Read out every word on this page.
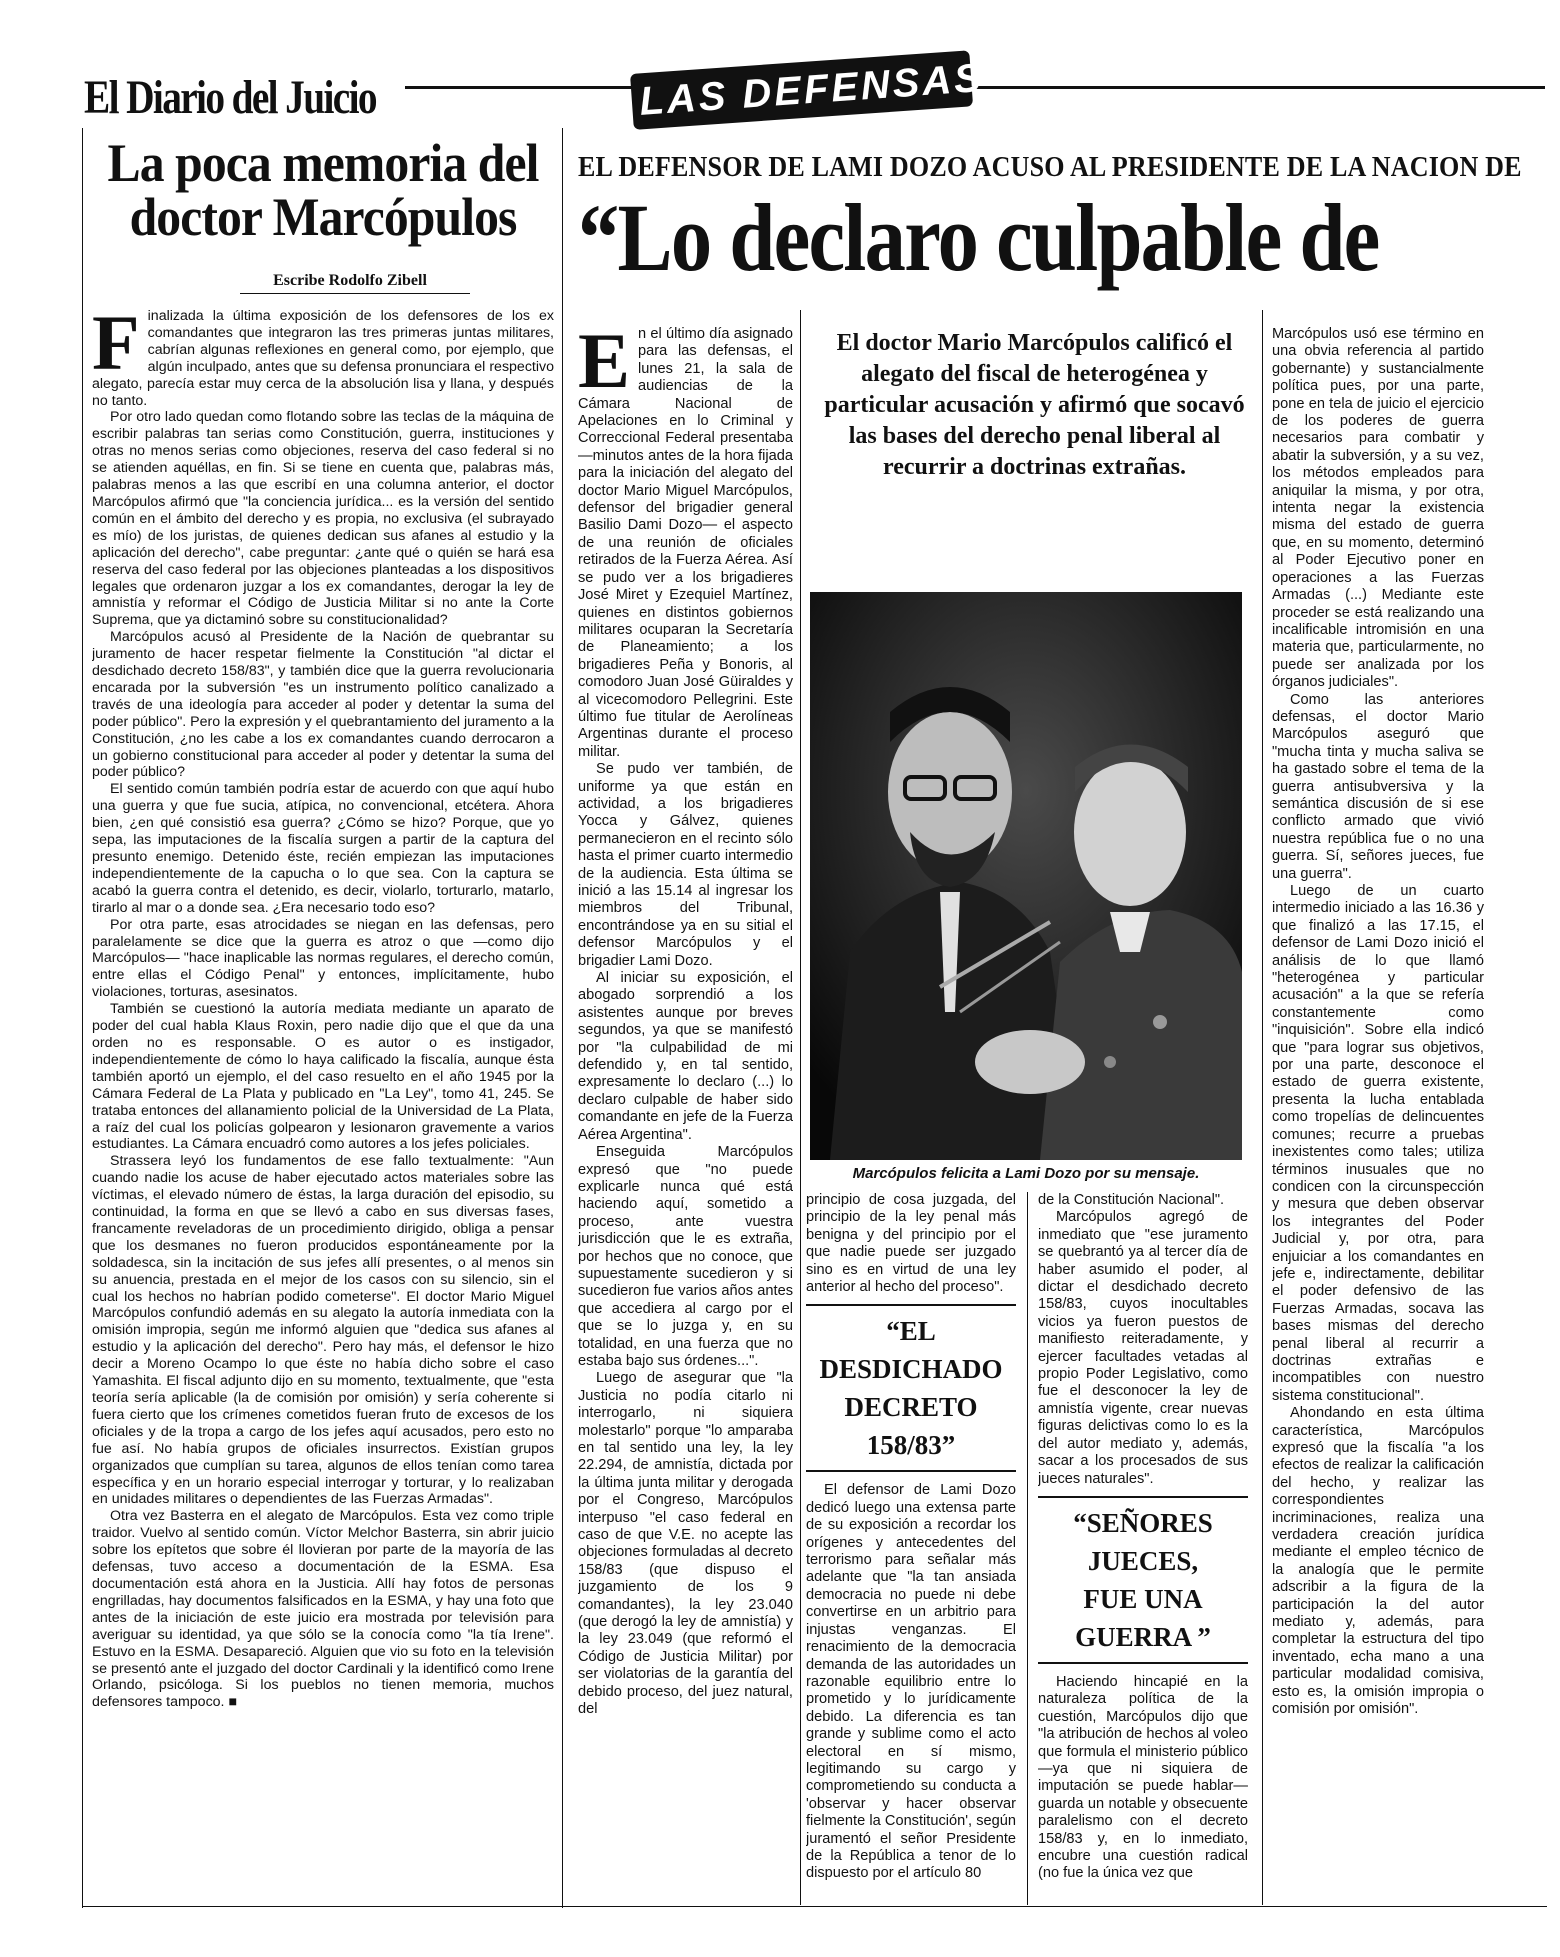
El Diario del Juicio	LAS DEFENSAS
La poca memoria del
doctor Marcópulos
Escribe Rodolfo Zibell

Finalizada la última exposición de los defensores de los ex comandantes que integraron las tres primeras juntas militares, cabrían algunas reflexiones en general como, por ejemplo, que algún inculpado, antes que su defensa pronunciara el respectivo alegato, parecía estar muy cerca de la absolución lisa y llana, y después no tanto.

Por otro lado quedan como flotando sobre las teclas de la máquina de escribir palabras tan serias como Constitución, guerra, instituciones y otras no menos serias como objeciones, reserva del caso federal si no se atienden aquéllas, en fin. Si se tiene en cuenta que, palabras más, palabras menos a las que escribí en una columna anterior, el doctor Marcópulos afirmó que "la conciencia jurídica... es la versión del sentido común en el ámbito del derecho y es propia, no exclusiva (el subrayado es mío) de los juristas, de quienes dedican sus afanes al estudio y la aplicación del derecho", cabe preguntar: ¿ante qué o quién se hará esa reserva del caso federal por las objeciones planteadas a los dispositivos legales que ordenaron juzgar a los ex comandantes, derogar la ley de amnistía y reformar el Código de Justicia Militar si no ante la Corte Suprema, que ya dictaminó sobre su constitucionalidad?

Marcópulos acusó al Presidente de la Nación de quebrantar su juramento de hacer respetar fielmente la Constitución "al dictar el desdichado decreto 158/83", y también dice que la guerra revolucionaria encarada por la subversión "es un instrumento político canalizado a través de una ideología para acceder al poder y detentar la suma del poder público". Pero la expresión y el quebrantamiento del juramento a la Constitución, ¿no les cabe a los ex comandantes cuando derrocaron a un gobierno constitucional para acceder al poder y detentar la suma del poder público?

El sentido común también podría estar de acuerdo con que aquí hubo una guerra y que fue sucia, atípica, no convencional, etcétera. Ahora bien, ¿en qué consistió esa guerra? ¿Cómo se hizo? Porque, que yo sepa, las imputaciones de la fiscalía surgen a partir de la captura del presunto enemigo. Detenido éste, recién empiezan las imputaciones independientemente de la capucha o lo que sea. Con la captura se acabó la guerra contra el detenido, es decir, violarlo, torturarlo, matarlo, tirarlo al mar o a donde sea. ¿Era necesario todo eso?

Por otra parte, esas atrocidades se niegan en las defensas, pero paralelamente se dice que la guerra es atroz o que —como dijo Marcópulos— "hace inaplicable las normas regulares, el derecho común, entre ellas el Código Penal" y entonces, implícitamente, hubo violaciones, torturas, asesinatos.

También se cuestionó la autoría mediata mediante un aparato de poder del cual habla Klaus Roxin, pero nadie dijo que el que da una orden no es responsable. O es autor o es instigador, independientemente de cómo lo haya calificado la fiscalía, aunque ésta también aportó un ejemplo, el del caso resuelto en el año 1945 por la Cámara Federal de La Plata y publicado en "La Ley", tomo 41, 245. Se trataba entonces del allanamiento policial de la Universidad de La Plata, a raíz del cual los policías golpearon y lesionaron gravemente a varios estudiantes. La Cámara encuadró como autores a los jefes policiales.

Strassera leyó los fundamentos de ese fallo textualmente: "Aun cuando nadie los acuse de haber ejecutado actos materiales sobre las víctimas, el elevado número de éstas, la larga duración del episodio, su continuidad, la forma en que se llevó a cabo en sus diversas fases, francamente reveladoras de un procedimiento dirigido, obliga a pensar que los desmanes no fueron producidos espontáneamente por la soldadesca, sin la incitación de sus jefes allí presentes, o al menos sin su anuencia, prestada en el mejor de los casos con su silencio, sin el cual los hechos no habrían podido cometerse". El doctor Mario Miguel Marcópulos confundió además en su alegato la autoría inmediata con la omisión impropia, según me informó alguien que "dedica sus afanes al estudio y la aplicación del derecho". Pero hay más, el defensor le hizo decir a Moreno Ocampo lo que éste no había dicho sobre el caso Yamashita. El fiscal adjunto dijo en su momento, textualmente, que "esta teoría sería aplicable (la de comisión por omisión) y sería coherente si fuera cierto que los crímenes cometidos fueran fruto de excesos de los oficiales y de la tropa a cargo de los jefes aquí acusados, pero esto no fue así. No había grupos de oficiales insurrectos. Existían grupos organizados que cumplían su tarea, algunos de ellos tenían como tarea específica y en un horario especial interrogar y torturar, y lo realizaban en unidades militares o dependientes de las Fuerzas Armadas".

Otra vez Basterra en el alegato de Marcópulos. Esta vez como triple traidor. Vuelvo al sentido común. Víctor Melchor Basterra, sin abrir juicio sobre los epítetos que sobre él llovieran por parte de la mayoría de las defensas, tuvo acceso a documentación de la ESMA. Esa documentación está ahora en la Justicia. Allí hay fotos de personas engrilladas, hay documentos falsificados en la ESMA, y hay una foto que antes de la iniciación de este juicio era mostrada por televisión para averiguar su identidad, ya que sólo se la conocía como "la tía Irene". Estuvo en la ESMA. Desapareció. Alguien que vio su foto en la televisión se presentó ante el juzgado del doctor Cardinali y la identificó como Irene Orlando, psicóloga. Si los pueblos no tienen memoria, muchos defensores tampoco. ■

EL DEFENSOR DE LAMI DOZO ACUSO AL PRESIDENTE DE LA NACION DE
“Lo declaro culpable de

En el último día asignado para las defensas, el lunes 21, la sala de audiencias de la Cámara Nacional de Apelaciones en lo Criminal y Correccional Federal presentaba —minutos antes de la hora fijada para la iniciación del alegato del doctor Mario Miguel Marcópulos, defensor del brigadier general Basilio Dami Dozo— el aspecto de una reunión de oficiales retirados de la Fuerza Aérea. Así se pudo ver a los brigadieres José Miret y Ezequiel Martínez, quienes en distintos gobiernos militares ocuparan la Secretaría de Planeamiento; a los brigadieres Peña y Bonoris, al comodoro Juan José Güiraldes y al vicecomodoro Pellegrini. Este último fue titular de Aerolíneas Argentinas durante el proceso militar.

Se pudo ver también, de uniforme ya que están en actividad, a los brigadieres Yocca y Gálvez, quienes permanecieron en el recinto sólo hasta el primer cuarto intermedio de la audiencia. Esta última se inició a las 15.14 al ingresar los miembros del Tribunal, encontrándose ya en su sitial el defensor Marcópulos y el brigadier Lami Dozo.

Al iniciar su exposición, el abogado sorprendió a los asistentes aunque por breves segundos, ya que se manifestó por "la culpabilidad de mi defendido y, en tal sentido, expresamente lo declaro (...) lo declaro culpable de haber sido comandante en jefe de la Fuerza Aérea Argentina".

Enseguida Marcópulos expresó que "no puede explicarle nunca qué está haciendo aquí, sometido a proceso, ante vuestra jurisdicción que le es extraña, por hechos que no conoce, que supuestamente sucedieron y si sucedieron fue varios años antes que accediera al cargo por el que se lo juzga y, en su totalidad, en una fuerza que no estaba bajo sus órdenes...".

Luego de asegurar que "la Justicia no podía citarlo ni interrogarlo, ni siquiera molestarlo" porque "lo amparaba en tal sentido una ley, la ley 22.294, de amnistía, dictada por la última junta militar y derogada por el Congreso, Marcópulos interpuso "el caso federal en caso de que V.E. no acepte las objeciones formuladas al decreto 158/83 (que dispuso el juzgamiento de los 9 comandantes), la ley 23.040 (que derogó la ley de amnistía) y la ley 23.049 (que reformó el Código de Justicia Militar) por ser violatorias de la garantía del debido proceso, del juez natural, del

El doctor Mario Marcópulos calificó el alegato del fiscal de heterogénea y particular acusación y afirmó que socavó las bases del derecho penal liberal al recurrir a doctrinas extrañas.
Marcópulos felicita a Lami Dozo por su mensaje.

principio de cosa juzgada, del principio de la ley penal más benigna y del principio por el que nadie puede ser juzgado sino es en virtud de una ley anterior al hecho del proceso".

“EL DESDICHADO
DECRETO 158/83”

El defensor de Lami Dozo dedicó luego una extensa parte de su exposición a recordar los orígenes y antecedentes del terrorismo para señalar más adelante que "la tan ansiada democracia no puede ni debe convertirse en un arbitrio para injustas venganzas. El renacimiento de la democracia demanda de las autoridades un razonable equilibrio entre lo prometido y lo jurídicamente debido. La diferencia es tan grande y sublime como el acto electoral en sí mismo, legitimando su cargo y comprometiendo su conducta a 'observar y hacer observar fielmente la Constitución', según juramentó el señor Presidente de la República a tenor de lo dispuesto por el artículo 80

de la Constitución Nacional".

Marcópulos agregó de inmediato que "ese juramento se quebrantó ya al tercer día de haber asumido el poder, al dictar el desdichado decreto 158/83, cuyos inocultables vicios ya fueron puestos de manifiesto reiteradamente, y ejercer facultades vetadas al propio Poder Legislativo, como fue el desconocer la ley de amnistía vigente, crear nuevas figuras delictivas como lo es la del autor mediato y, además, sacar a los procesados de sus jueces naturales".

“SEÑORES JUECES,
FUE UNA GUERRA ”

Haciendo hincapié en la naturaleza política de la cuestión, Marcópulos dijo que "la atribución de hechos al voleo que formula el ministerio público —ya que ni siquiera de imputación se puede hablar— guarda un notable y obsecuente paralelismo con el decreto 158/83 y, en lo inmediato, encubre una cuestión radical (no fue la única vez que

Marcópulos usó ese término en una obvia referencia al partido gobernante) y sustancialmente política pues, por una parte, pone en tela de juicio el ejercicio de los poderes de guerra necesarios para combatir y abatir la subversión, y a su vez, los métodos empleados para aniquilar la misma, y por otra, intenta negar la existencia misma del estado de guerra que, en su momento, determinó al Poder Ejecutivo poner en operaciones a las Fuerzas Armadas (...) Mediante este proceder se está realizando una incalificable intromisión en una materia que, particularmente, no puede ser analizada por los órganos judiciales".

Como las anteriores defensas, el doctor Mario Marcópulos aseguró que "mucha tinta y mucha saliva se ha gastado sobre el tema de la guerra antisubversiva y la semántica discusión de si ese conflicto armado que vivió nuestra república fue o no una guerra. Sí, señores jueces, fue una guerra".

Luego de un cuarto intermedio iniciado a las 16.36 y que finalizó a las 17.15, el defensor de Lami Dozo inició el análisis de lo que llamó "heterogénea y particular acusación" a la que se refería constantemente como "inquisición". Sobre ella indicó que "para lograr sus objetivos, por una parte, desconoce el estado de guerra existente, presenta la lucha entablada como tropelías de delincuentes comunes; recurre a pruebas inexistentes como tales; utiliza términos inusuales que no condicen con la circunspección y mesura que deben observar los integrantes del Poder Judicial y, por otra, para enjuiciar a los comandantes en jefe e, indirectamente, debilitar el poder defensivo de las Fuerzas Armadas, socava las bases mismas del derecho penal liberal al recurrir a doctrinas extrañas e incompatibles con nuestro sistema constitucional".

Ahondando en esta última característica, Marcópulos expresó que la fiscalía "a los efectos de realizar la calificación del hecho, y realizar las correspondientes incriminaciones, realiza una verdadera creación jurídica mediante el empleo técnico de la analogía que le permite adscribir a la figura de la participación la del autor mediato y, además, para completar la estructura del tipo inventado, echa mano a una particular modalidad comisiva, esto es, la omisión impropia o comisión por omisión".
